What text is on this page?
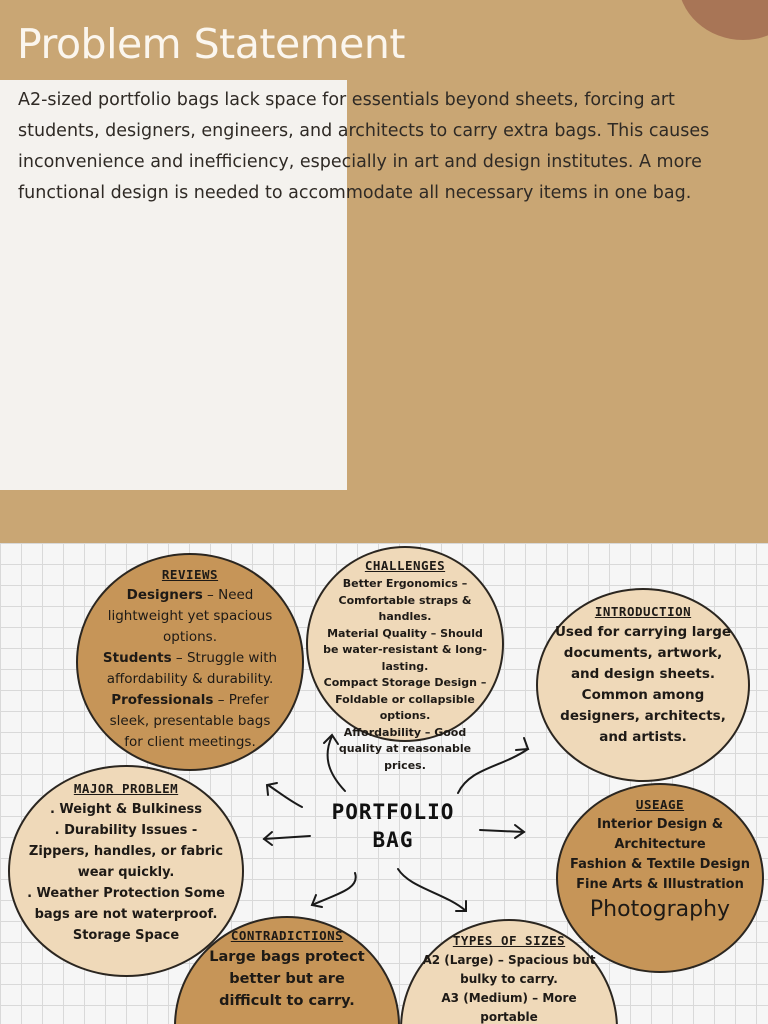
Problem Statement

A2-sized portfolio bags lack space for essentials beyond sheets, forcing art students, designers, engineers, and architects to carry extra bags. This causes inconvenience and inefficiency, especially in art and design institutes. A more functional design is needed to accommodate all necessary items in one bag.

PORTFOLIO
BAG
REVIEWS
Designers – Need lightweight yet spacious options.
Students – Struggle with affordability & durability.
Professionals – Prefer sleek, presentable bags for client meetings.
CHALLENGES
Better Ergonomics – Comfortable straps & handles.
Material Quality – Should be water-resistant & long-lasting.
Compact Storage Design – Foldable or collapsible options.
Affordability – Good quality at reasonable prices.
INTRODUCTION
Used for carrying large documents, artwork, and design sheets. Common among designers, architects, and artists.
MAJOR PROBLEM
. Weight & Bulkiness
. Durability Issues - Zippers, handles, or fabric wear quickly.
. Weather Protection Some bags are not waterproof.
Storage Space
USEAGE
Interior Design & Architecture
Fashion & Textile Design
Fine Arts & Illustration
Photography
CONTRADICTIONS
Large bags protect better but are difficult to carry.
TYPES OF SIZES
A2 (Large) – Spacious but bulky to carry.
A3 (Medium) – More portable
